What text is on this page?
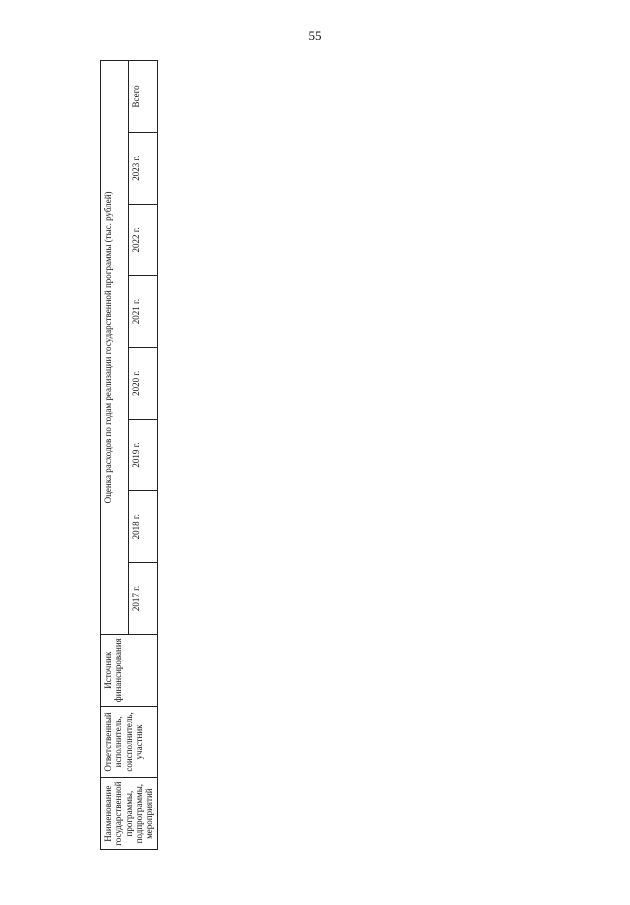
55
Наименование государственной программы, подпрограммы, мероприятий	Ответственный исполнитель, соисполнитель, участник	Источник финансирования	Оценка расходов по годам реализации государственной программы (тыс. рублей)							
			2017 г.	2018 г.	2019 г.	2020 г.	2021 г.	2022 г.	2023 г.	Всего
